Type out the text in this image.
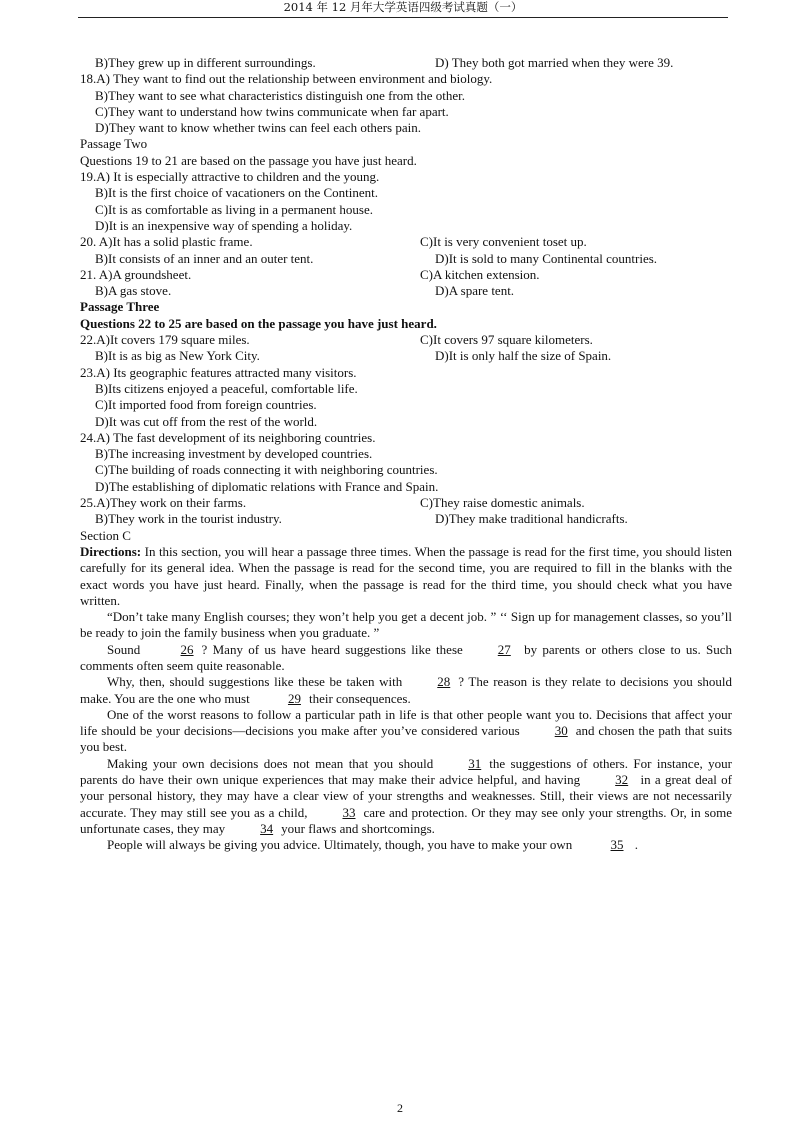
2014 年 12 月年大学英语四级考试真题（一）
B)They grew up in different surroundings.	D) They both got married when they were 39.
18.A) They want to find out the relationship between environment and biology.
B)They want to see what characteristics distinguish one from the other.
C)They want to understand how twins communicate when far apart.
D)They want to know whether twins can feel each others pain.
Passage Two
Questions 19 to 21 are based on the passage you have just heard.
19.A) It is especially attractive to children and the young.
B)It is the first choice of vacationers on the Continent.
C)It is as comfortable as living in a permanent house.
D)It is an inexpensive way of spending a holiday.
20. A)It has a solid plastic frame.	C)It is very convenient toset up.
B)It consists of an inner and an outer tent.	D)It is sold to many Continental countries.
21. A)A groundsheet.	C)A kitchen extension.
B)A gas stove.	D)A spare tent.
Passage Three
Questions 22 to 25 are based on the passage you have just heard.
22.A)It covers 179 square miles.	C)It covers 97 square kilometers.
B)It is as big as New York City.	D)It is only half the size of Spain.
23.A) Its geographic features attracted many visitors.
B)Its citizens enjoyed a peaceful, comfortable life.
C)It imported food from foreign countries.
D)It was cut off from the rest of the world.
24.A) The fast development of its neighboring countries.
B)The increasing investment by developed countries.
C)The building of roads connecting it with neighboring countries.
D)The establishing of diplomatic relations with France and Spain.
25.A)They work on their farms.	C)They raise domestic animals.
B)They work in the tourist industry.	D)They make traditional handicrafts.
Section C
Directions: In this section, you will hear a passage three times. When the passage is read for the first time, you should listen carefully for its general idea. When the passage is read for the second time, you are required to fill in the blanks with the exact words you have just heard. Finally, when the passage is read for the third time, you should check what you have written.
“Don’t take many English courses; they won’t help you get a decent job. ” ‘‘ Sign up for management classes, so you’ll be ready to join the family business when you graduate. ”
Sound	26 ? Many of us have heard suggestions like these	27 by parents or others close to us. Such comments often seem quite reasonable.
Why, then, should suggestions like these be taken with	28 ? The reason is they relate to decisions you should make. You are the one who must	29 their consequences.
One of the worst reasons to follow a particular path in life is that other people want you to. Decisions that affect your life should be your decisions—decisions you make after you’ve considered various	30 and chosen the path that suits you best.
Making your own decisions does not mean that you should	31 the suggestions of others. For instance, your parents do have their own unique experiences that may make their advice helpful, and having	32 in a great deal of your personal history, they may have a clear view of your strengths and weaknesses. Still, their views are not necessarily accurate. They may still see you as a child,	33 care and protection. Or they may see only your strengths. Or, in some unfortunate cases, they may	34 your flaws and shortcomings.
People will always be giving you advice. Ultimately, though, you have to make your own	35 .
2
